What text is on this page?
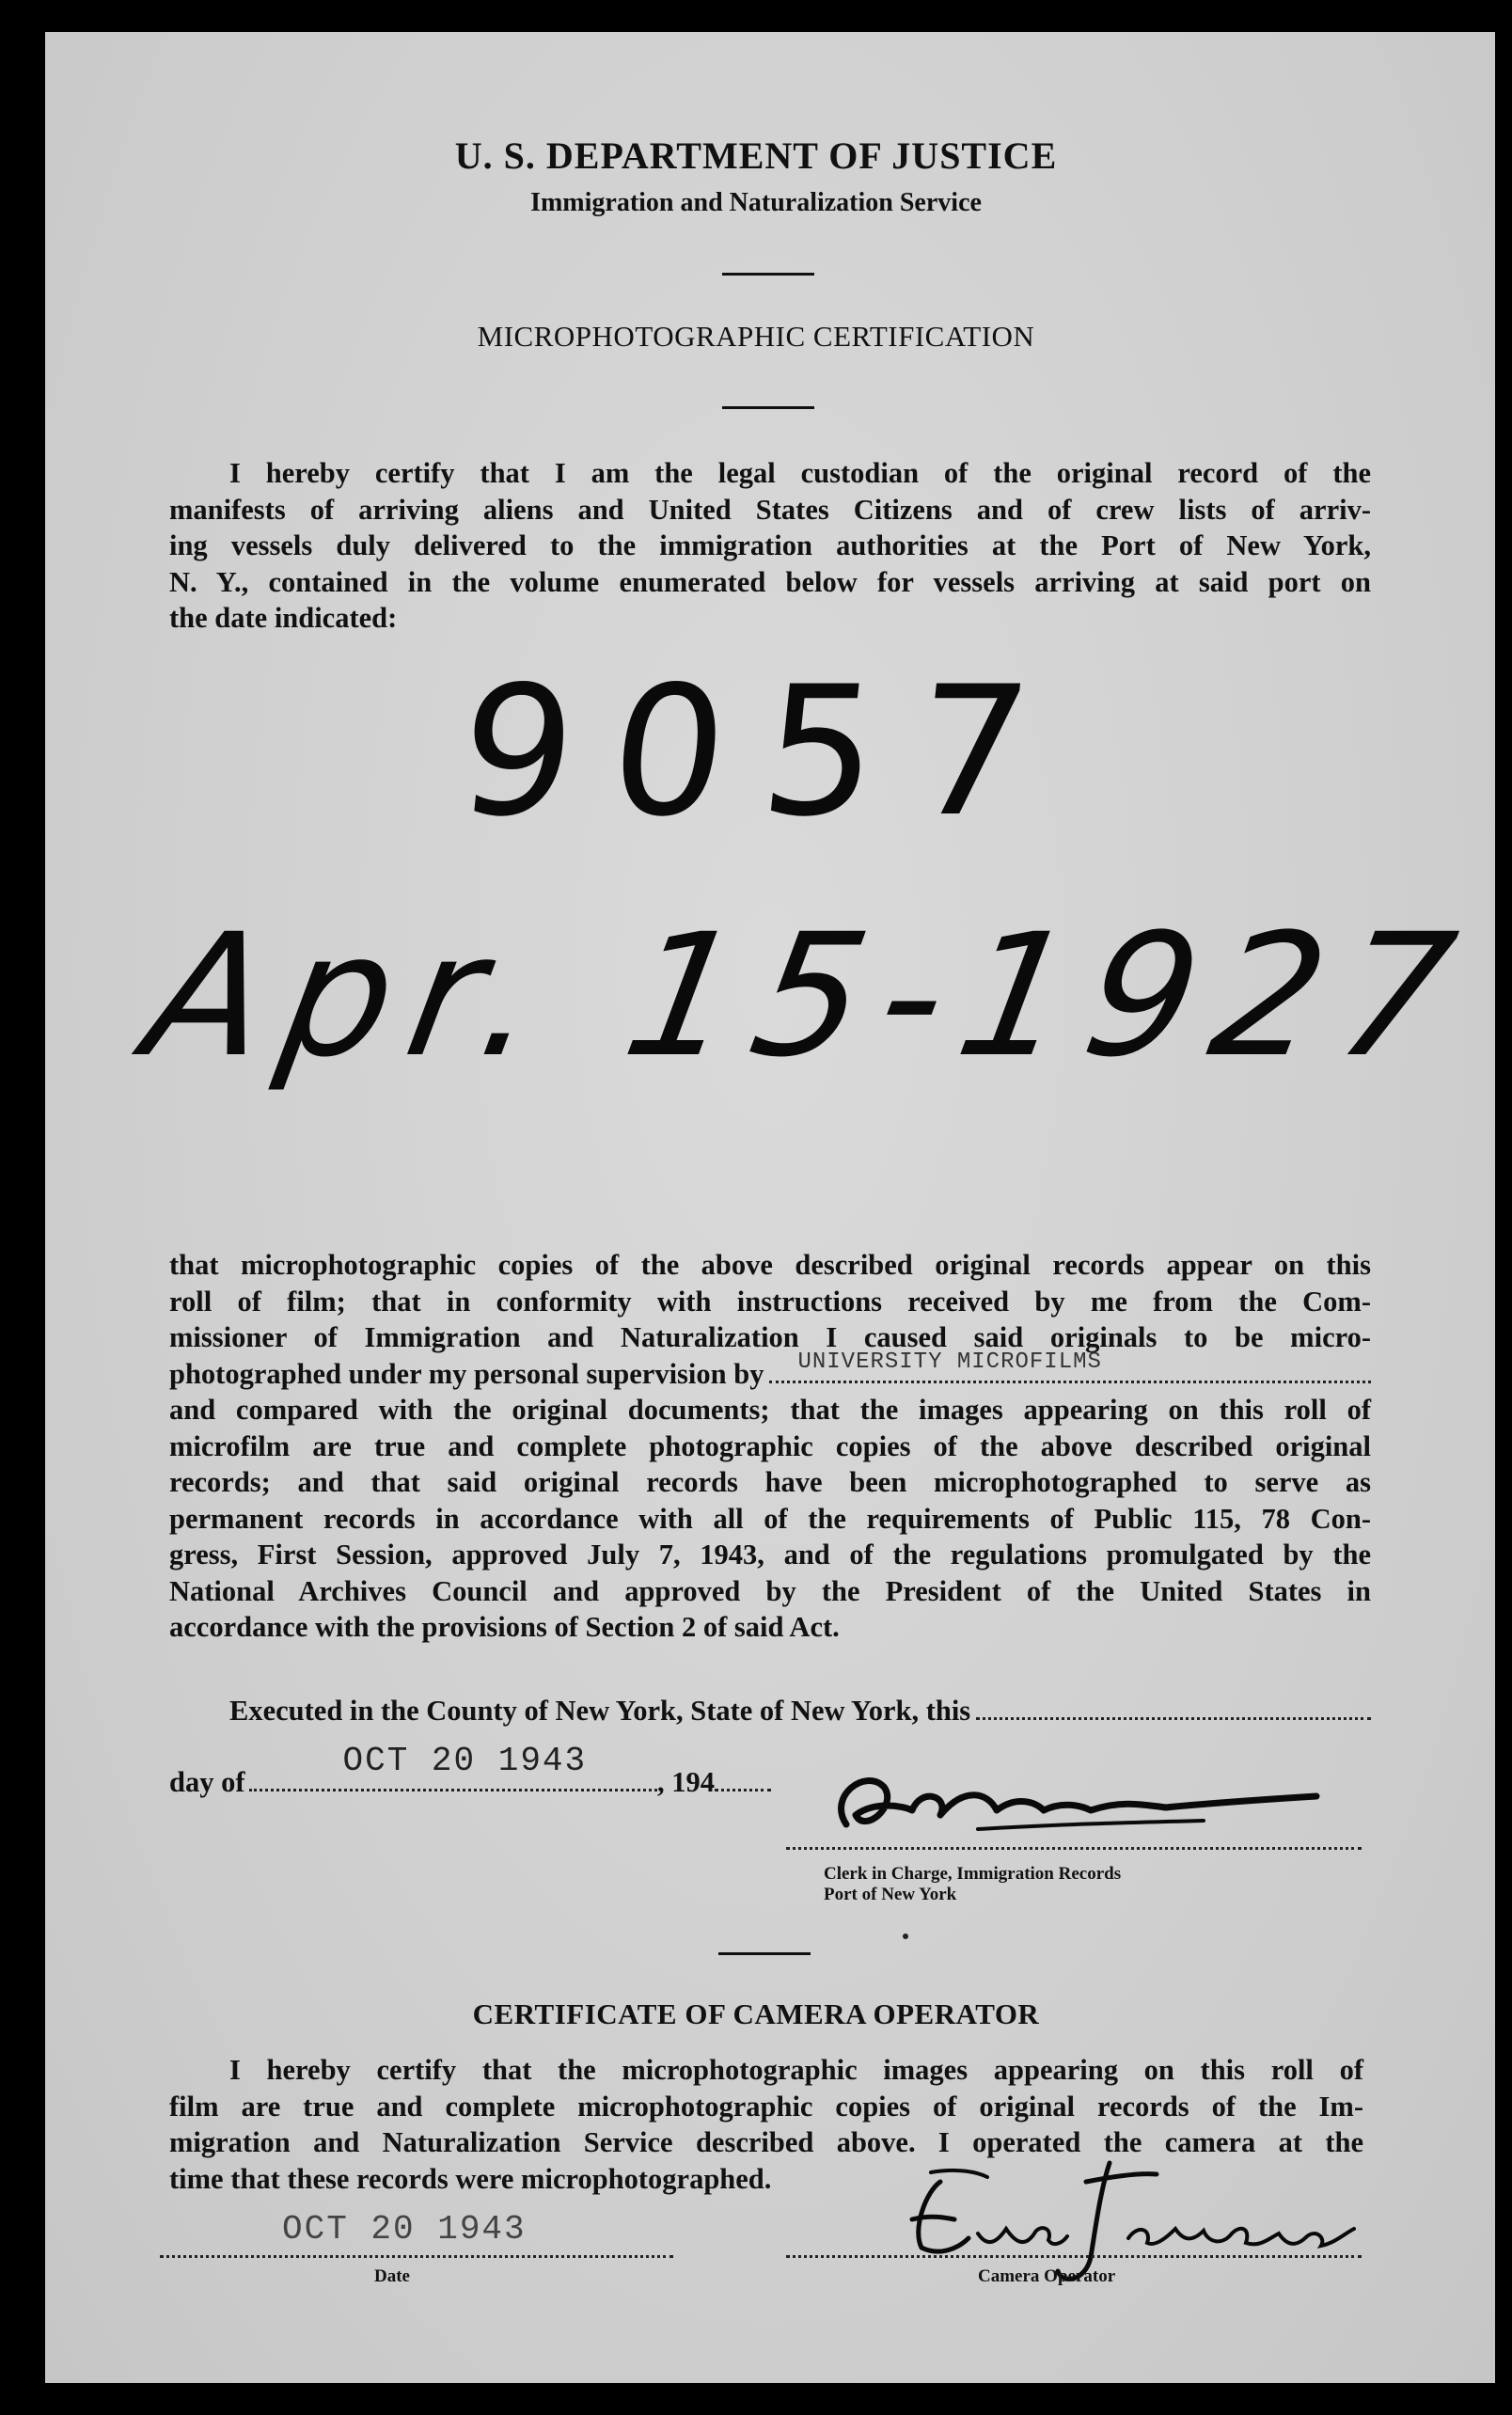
U. S. DEPARTMENT OF JUSTICE
Immigration and Naturalization Service
MICROPHOTOGRAPHIC CERTIFICATION

I hereby certify that I am the legal custodian of the original record of the

manifests of arriving aliens and United States Citizens and of crew lists of arriv-

ing vessels duly delivered to the immigration authorities at the Port of New York,

N. Y., contained in the volume enumerated below for vessels arriving at said port on

the date indicated:

9057
Apr. 15-1927

that microphotographic copies of the above described original records appear on this

roll of film; that in conformity with instructions received by me from the Com-

missioner of Immigration and Naturalization I caused said originals to be micro-

photographed under my personal supervision by UNIVERSITY MICROFILMS

and compared with the original documents; that the images appearing on this roll of

microfilm are true and complete photographic copies of the above described original

records; and that said original records have been microphotographed to serve as

permanent records in accordance with all of the requirements of Public 115, 78 Con-

gress, First Session, approved July 7, 1943, and of the regulations promulgated by the

National Archives Council and approved by the President of the United States in

accordance with the provisions of Section 2 of said Act.

Executed in the County of New York, State of New York, this
day of
OCT 20 1943
, 194
Clerk in Charge, Immigration Records
Port of New York
CERTIFICATE OF CAMERA OPERATOR

I hereby certify that the microphotographic images appearing on this roll of

film are true and complete microphotographic copies of original records of the Im-

migration and Naturalization Service described above. I operated the camera at the

time that these records were microphotographed.

OCT 20 1943
Date	Camera Operator
